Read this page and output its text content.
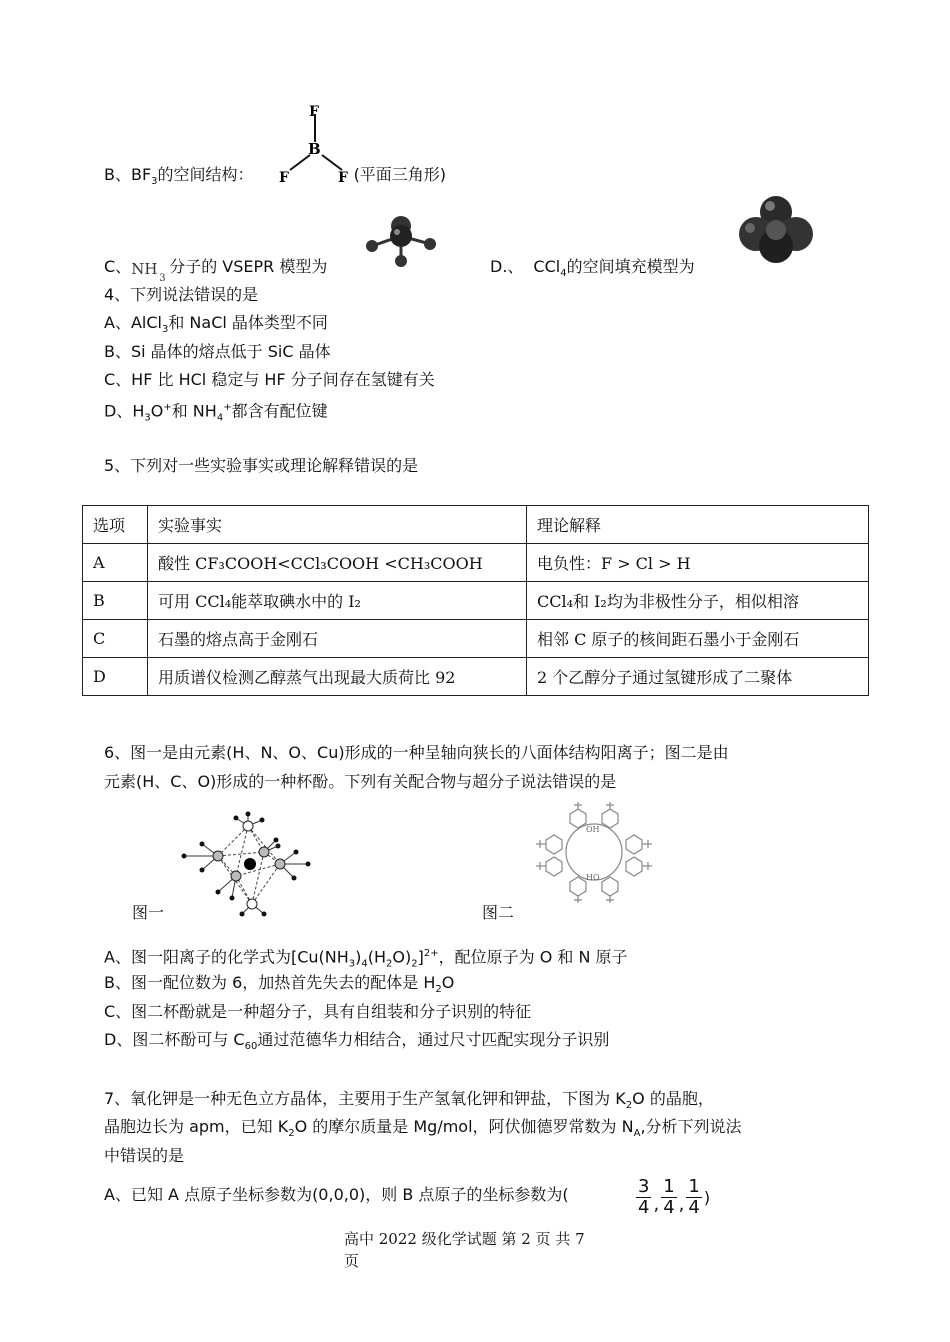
F
B
F	F
B、$BF_3$的空间结构：	(平面三角形)
C、 NH
3
分子的 VSEPR 模型为	D.、 CCl$_4$的空间填充模型为
4、下列说法错误的是
A、AlCl$_3$和 NaCl 晶体类型不同
B、Si 晶体的熔点低于 SiC 晶体
C、HF 比 HCl 稳定与 HF 分子间存在氢键有关
D、$H_3O^+$和 $NH_4^+$都含有配位键
5、下列对一些实验事实或理论解释错误的是
选项	实验事实	理论解释
A	酸性 CF₃COOH<CCl₃COOH <CH₃COOH	电负性：F > Cl > H
B	可用 CCl₄能萃取碘水中的 I₂	CCl₄和 I₂均为非极性分子，相似相溶
C	石墨的熔点高于金刚石	相邻 C 原子的核间距石墨小于金刚石
D	用质谱仪检测乙醇蒸气出现最大质荷比 92	2 个乙醇分子通过氢键形成了二聚体
6、图一是由元素(H、N、O、Cu)形成的一种呈轴向狭长的八面体结构阳离子；图二是由
元素(H、C、O)形成的一种杯酚。下列有关配合物与超分子说法错误的是
图一
OH
HO
图二
A、图一阳离子的化学式为$[Cu(NH_3)_4(H_2O)_2]^{2+}$，配位原子为 O 和 N 原子
B、图一配位数为 6，加热首先失去的配体是 $H_2O$
C、图二杯酚就是一种超分子，具有自组装和分子识别的特征
D、图二杯酚可与 $C_{60}$通过范德华力相结合，通过尺寸匹配实现分子识别
7、氧化钾是一种无色立方晶体，主要用于生产氢氧化钾和钾盐，下图为 $K_2O$ 的晶胞，
晶胞边长为 apm，已知 $K_2O$ 的摩尔质量是 Mg/mol，阿伏伽德罗常数为 $N_A$,分析下列说法
中错误的是
A、已知 A 点原子坐标参数为(0,0,0)，则 B 点原子的坐标参数为(	3
4 ,
1
4 ,
1
4 )
高中 2022 级化学试题 第 2 页 共 7
页
